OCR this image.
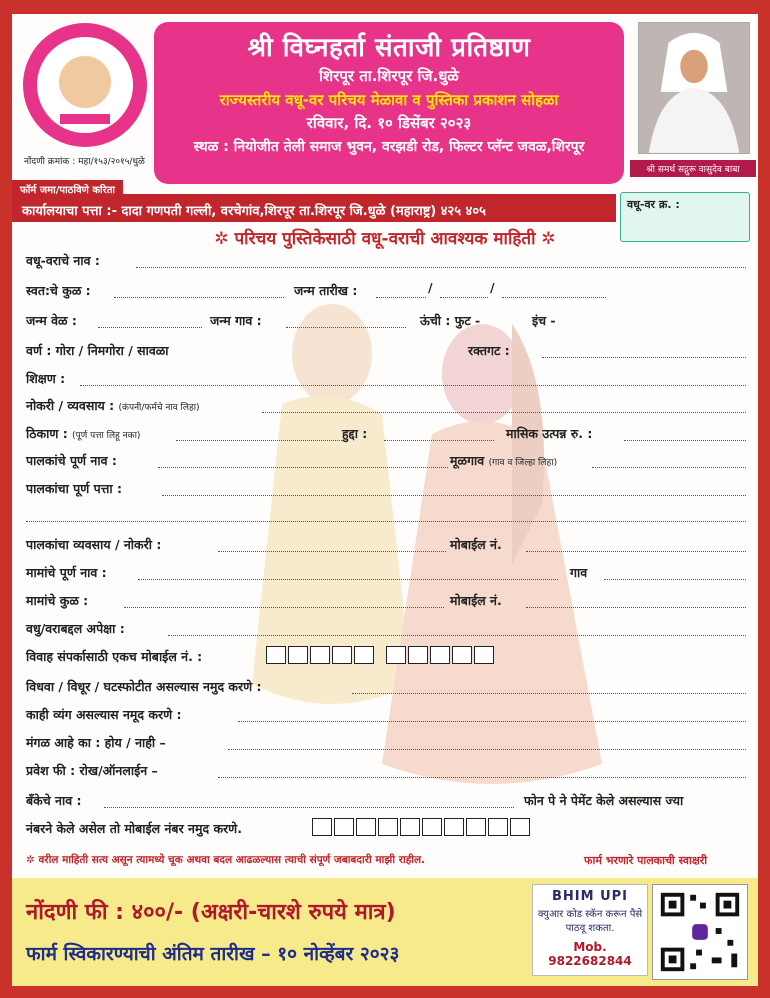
नोंदणी क्रमांक : महा/१५३/२०१५/धुळे
श्री विघ्नहर्ता संताजी प्रतिष्ठाण
शिरपूर ता.शिरपूर जि.धुळे
राज्यस्तरीय वधू-वर परिचय मेळावा व पुस्तिका प्रकाशन सोहळा
रविवार, दि. १० डिसेंबर २०२३
स्थळ : नियोजीत तेली समाज भुवन, वरझडी रोड, फिल्टर प्लॅन्ट जवळ,शिरपूर
श्री समर्थ सद्गुरू वासुदेव बाबा
कार्यालयाचा पत्ता :- दादा गणपती गल्ली, वरचेगांव,शिरपूर ता.शिरपूर जि.धुळे (महाराष्ट्र) ४२५ ४०५
फॉर्म जमा/पाठविणे करिता
वधू-वर क्र. :
✲ परिचय पुस्तिकेसाठी वधू-वराची आवश्यक माहिती ✲
वधू-वराचे नाव :
स्वत:चे कुळ :	जन्म तारीख :	/	/
जन्म वेळ :	जन्म गाव :	ऊंची : फुट -	इंच -
वर्ण : गोरा / निमगोरा / सावळा	रक्तगट :
शिक्षण :
नोकरी / व्यवसाय : (कंपनी/फर्मचे नाव लिहा)
ठिकाण : (पूर्ण पत्ता लिहू नका)	हुद्दा :	मासिक उत्पन्न रु. :
पालकांचे पूर्ण नाव :	मूळगाव (गाव व जिल्हा लिहा)
पालकांचा पूर्ण पत्ता :
पालकांचा व्यवसाय / नोकरी :	मोबाईल नं.
मामांचे पूर्ण नाव :	गाव
मामांचे कुळ :	मोबाईल नं.
वधु/वराबद्दल अपेक्षा :
विवाह संपर्कासाठी एकच मोबाईल नं. :
विधवा / विधूर / घटस्फोटीत असल्यास नमुद करणे :
काही व्यंग असल्यास नमूद करणे :
मंगळ आहे का : होय / नाही –
प्रवेश फी : रोख/ऑनलाईन –
बँकेचे नाव :	फोन पे ने पेमेंट केले असल्यास ज्या
नंबरने केले असेल तो मोबाईल नंबर नमुद करणे.
✲ वरील माहिती सत्य असून त्यामध्ये चूक अथवा बदल आढळल्यास त्याची संपूर्ण जबाबदारी माझी राहील.	फार्म भरणारे पालकाची स्वाक्षरी
नोंदणी फी : ४००/- (अक्षरी-चारशे रुपये मात्र)
फार्म स्विकारण्याची अंतिम तारीख – १० नोव्हेंबर २०२३
BHIM UPI
क्युआर कोड स्कॅन करून पैसे पाठवू शकता.
Mob. 9822682844
